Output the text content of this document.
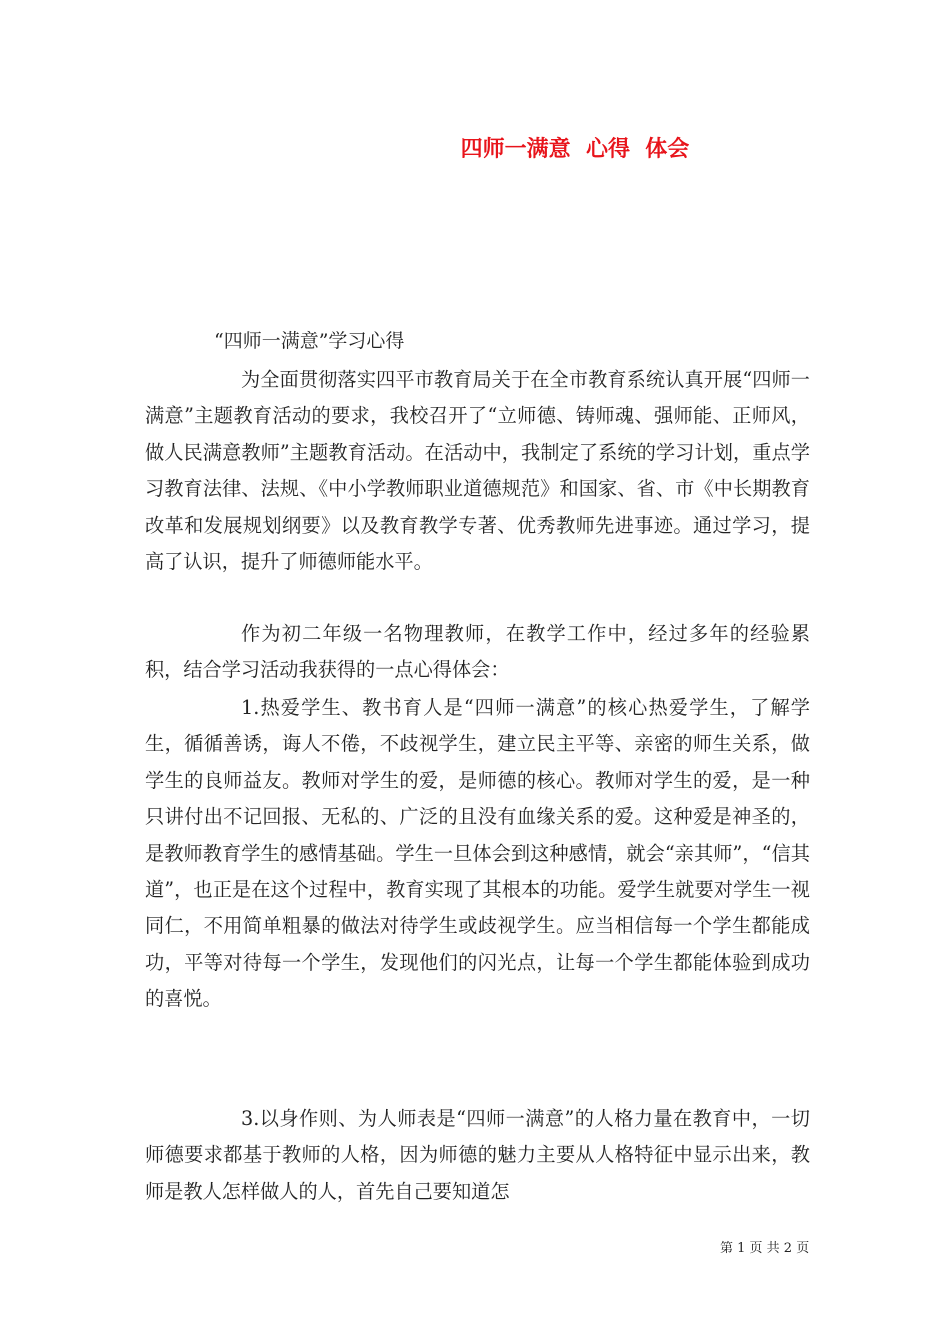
四师一满意  心得  体会
“四师一满意”学习心得

为全面贯彻落实四平市教育局关于在全市教育系统认真开展“四师一满意”主题教育活动的要求，我校召开了“立师德、铸师魂、强师能、正师风，做人民满意教师”主题教育活动。在活动中，我制定了系统的学习计划，重点学习教育法律、法规、《中小学教师职业道德规范》和国家、省、市《中长期教育改革和发展规划纲要》以及教育教学专著、优秀教师先进事迹。通过学习，提高了认识，提升了师德师能水平。

作为初二年级一名物理教师，在教学工作中，经过多年的经验累积，结合学习活动我获得的一点心得体会：

1.热爱学生、教书育人是“四师一满意”的核心热爱学生，了解学生，循循善诱，诲人不倦，不歧视学生，建立民主平等、亲密的师生关系，做学生的良师益友。教师对学生的爱，是师德的核心。教师对学生的爱，是一种只讲付出不记回报、无私的、广泛的且没有血缘关系的爱。这种爱是神圣的，是教师教育学生的感情基础。学生一旦体会到这种感情，就会“亲其师”，“信其道”，也正是在这个过程中，教育实现了其根本的功能。爱学生就要对学生一视同仁，不用简单粗暴的做法对待学生或歧视学生。应当相信每一个学生都能成功，平等对待每一个学生，发现他们的闪光点，让每一个学生都能体验到成功的喜悦。

3.以身作则、为人师表是“四师一满意”的人格力量在教育中，一切师德要求都基于教师的人格，因为师德的魅力主要从人格特征中显示出来，教师是教人怎样做人的人，首先自己要知道怎

第 1 页 共 2 页
